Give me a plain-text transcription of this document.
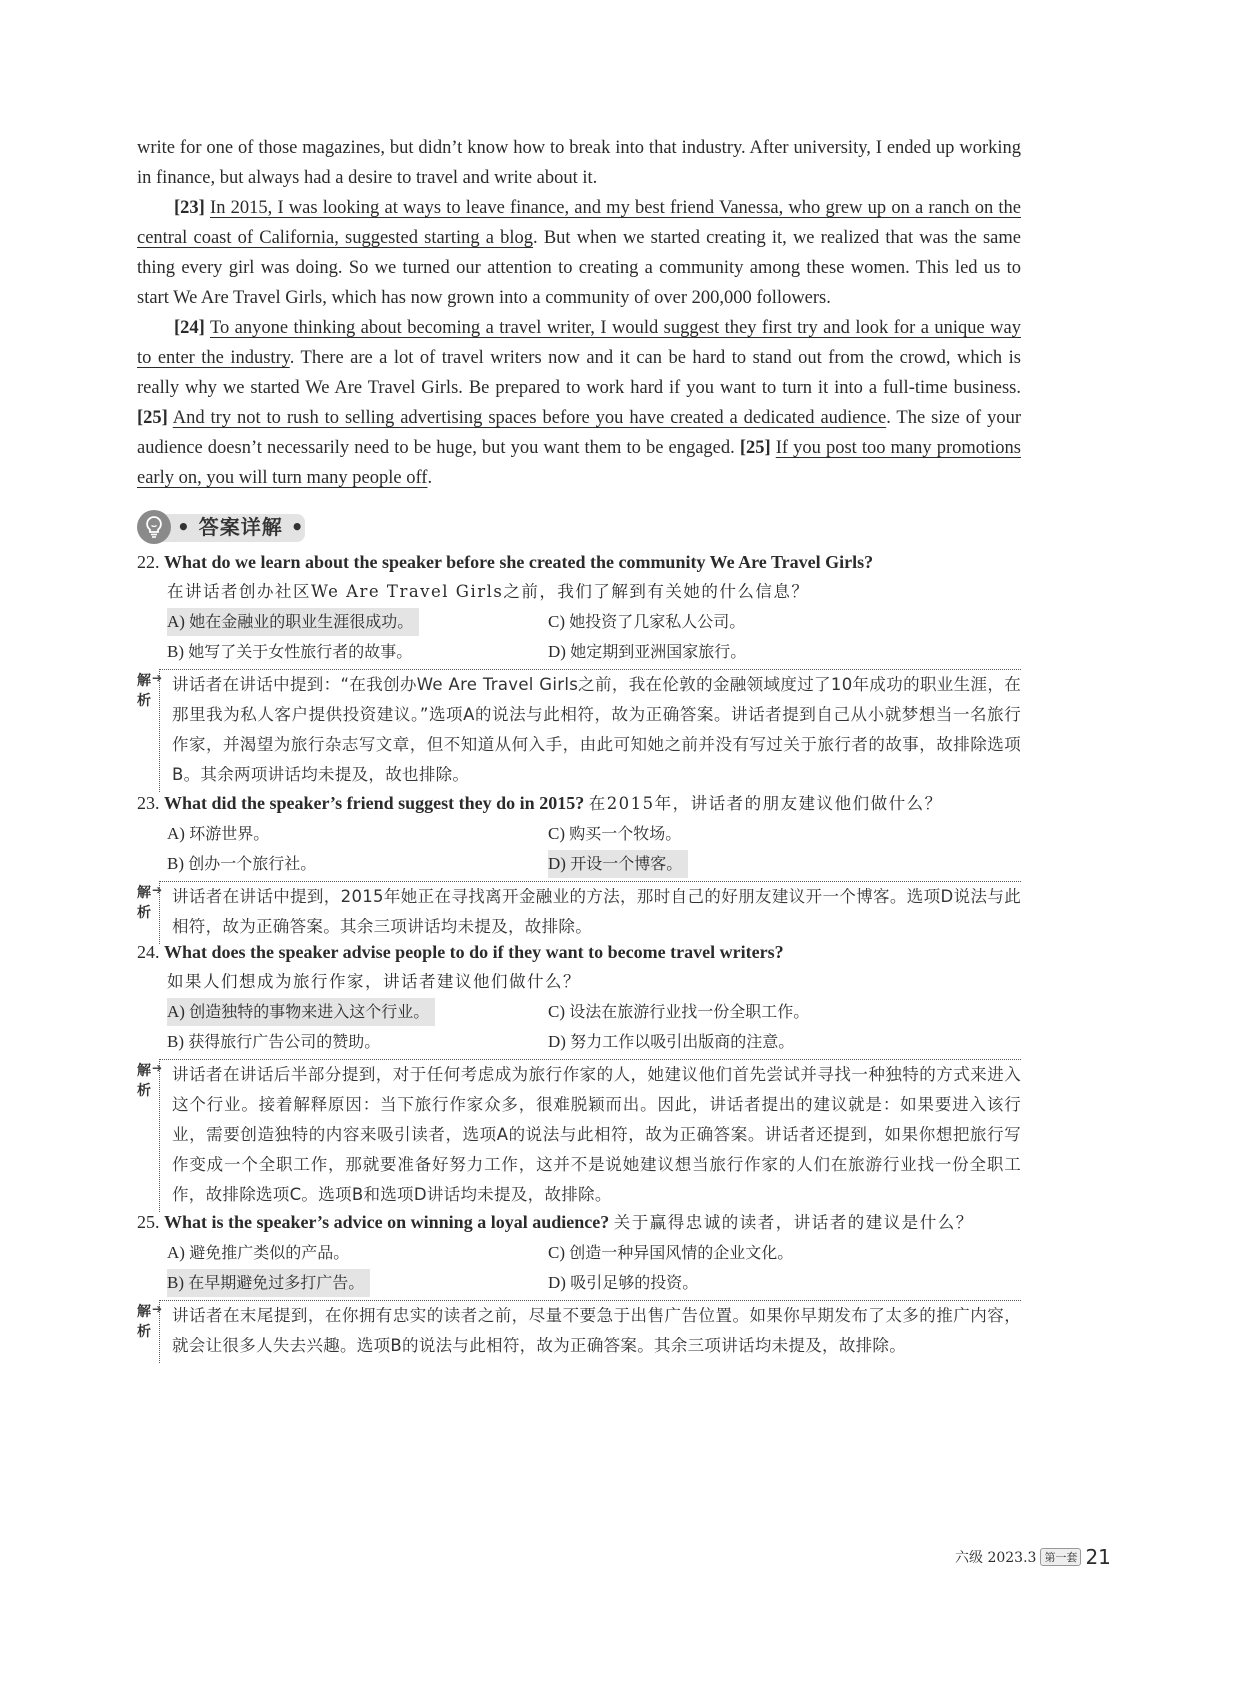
write for one of those magazines, but didn’t know how to break into that industry. After university, I ended up working in finance, but always had a desire to travel and write about it.

[23] In 2015, I was looking at ways to leave finance, and my best friend Vanessa, who grew up on a ranch on the central coast of California, suggested starting a blog. But when we started creating it, we realized that was the same thing every girl was doing. So we turned our attention to creating a community among these women. This led us to start We Are Travel Girls, which has now grown into a community of over 200,000 followers.

[24] To anyone thinking about becoming a travel writer, I would suggest they first try and look for a unique way to enter the industry. There are a lot of travel writers now and it can be hard to stand out from the crowd, which is really why we started We Are Travel Girls. Be prepared to work hard if you want to turn it into a full-time business. [25] And try not to rush to selling advertising spaces before you have created a dedicated audience. The size of your audience doesn’t necessarily need to be huge, but you want them to be engaged. [25] If you post too many promotions early on, you will turn many people off.

• 答案详解 •
22. What do we learn about the speaker before she created the community We Are Travel Girls?
在讲话者创办社区We Are Travel Girls之前，我们了解到有关她的什么信息？
A) 她在金融业的职业生涯很成功。	C) 她投资了几家私人公司。
B) 她写了关于女性旅行者的故事。	D) 她定期到亚洲国家旅行。
解析
➔ 讲话者在讲话中提到：“在我创办We Are Travel Girls之前，我在伦敦的金融领域度过了10年成功的职业生涯，在那里我为私人客户提供投资建议。”选项A的说法与此相符，故为正确答案。讲话者提到自己从小就梦想当一名旅行作家，并渴望为旅行杂志写文章，但不知道从何入手，由此可知她之前并没有写过关于旅行者的故事，故排除选项B。其余两项讲话均未提及，故也排除。
23. What did the speaker’s friend suggest they do in 2015? 在2015年，讲话者的朋友建议他们做什么？
A) 环游世界。	C) 购买一个牧场。
B) 创办一个旅行社。	D) 开设一个博客。
解析
➔ 讲话者在讲话中提到，2015年她正在寻找离开金融业的方法，那时自己的好朋友建议开一个博客。选项D说法与此相符，故为正确答案。其余三项讲话均未提及，故排除。
24. What does the speaker advise people to do if they want to become travel writers?
如果人们想成为旅行作家，讲话者建议他们做什么？
A) 创造独特的事物来进入这个行业。	C) 设法在旅游行业找一份全职工作。
B) 获得旅行广告公司的赞助。	D) 努力工作以吸引出版商的注意。
解析
➔ 讲话者在讲话后半部分提到，对于任何考虑成为旅行作家的人，她建议他们首先尝试并寻找一种独特的方式来进入这个行业。接着解释原因：当下旅行作家众多，很难脱颖而出。因此，讲话者提出的建议就是：如果要进入该行业，需要创造独特的内容来吸引读者，选项A的说法与此相符，故为正确答案。讲话者还提到，如果你想把旅行写作变成一个全职工作，那就要准备好努力工作，这并不是说她建议想当旅行作家的人们在旅游行业找一份全职工作，故排除选项C。选项B和选项D讲话均未提及，故排除。
25. What is the speaker’s advice on winning a loyal audience? 关于赢得忠诚的读者，讲话者的建议是什么？
A) 避免推广类似的产品。	C) 创造一种异国风情的企业文化。
B) 在早期避免过多打广告。	D) 吸引足够的投资。
解析
➔ 讲话者在末尾提到，在你拥有忠实的读者之前，尽量不要急于出售广告位置。如果你早期发布了太多的推广内容，就会让很多人失去兴趣。选项B的说法与此相符，故为正确答案。其余三项讲话均未提及，故排除。
六级 2023.3 第一套 21
